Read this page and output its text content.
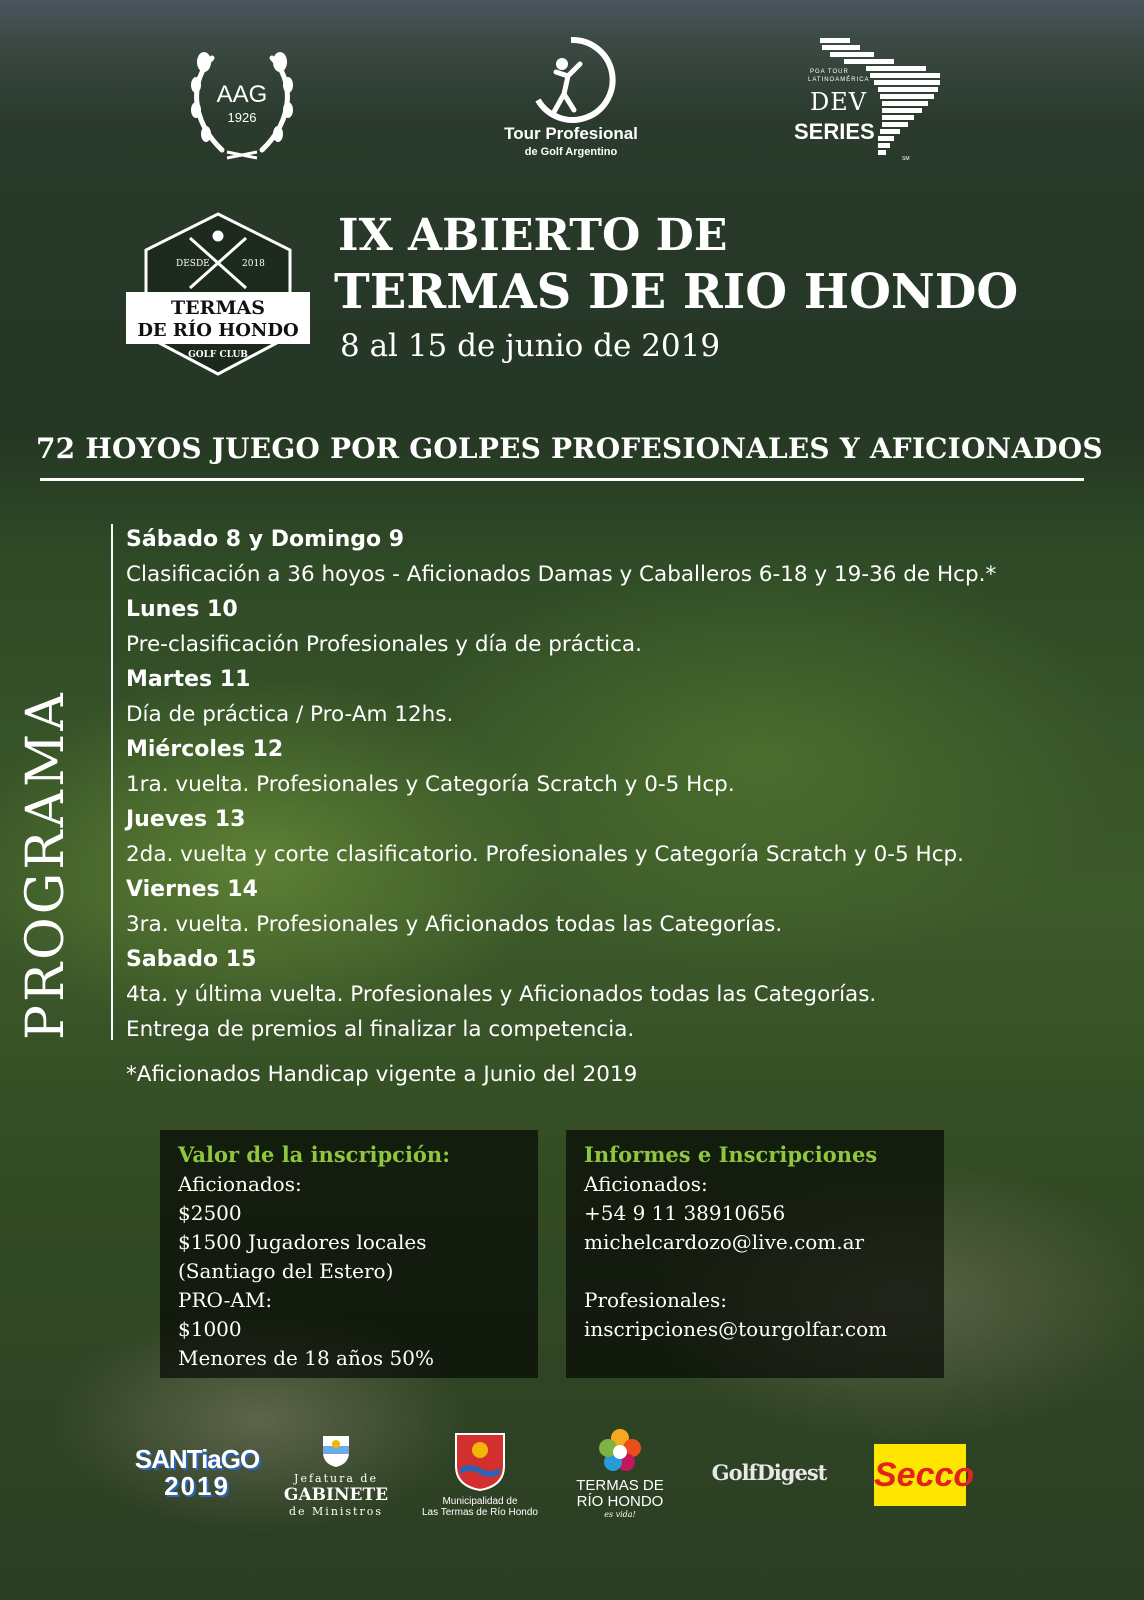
AAG
1926
Tour Profesional
de Golf Argentino
PGA TOUR
LATINOAMÉRICA
DEV
SERIES
SM
DESDE	2018
TERMAS
DE RÍO HONDO
GOLF CLUB
IX ABIERTO DE
TERMAS DE RIO HONDO
8 al 15 de junio de 2019
72 HOYOS JUEGO POR GOLPES PROFESIONALES Y AFICIONADOS
PROGRAMA
Sábado 8 y Domingo 9
Clasificación a 36 hoyos - Aficionados Damas y Caballeros 6-18 y 19-36 de Hcp.*
Lunes 10
Pre-clasificación Profesionales y día de práctica.
Martes 11
Día de práctica / Pro-Am 12hs.
Miércoles 12
1ra. vuelta. Profesionales y Categoría Scratch y 0-5 Hcp.
Jueves 13
2da. vuelta y corte clasificatorio. Profesionales y Categoría Scratch y 0-5 Hcp.
Viernes 14
3ra. vuelta. Profesionales y Aficionados todas las Categorías.
Sabado 15
4ta. y última vuelta. Profesionales y Aficionados todas las Categorías.
Entrega de premios al finalizar la competencia.
*Aficionados Handicap vigente a Junio del 2019
Valor de la inscripción:
Aficionados:
$2500
$1500 Jugadores locales
(Santiago del Estero)
PRO-AM:
$1000
Menores de 18 años 50%
Informes e Inscripciones
Aficionados:
+54 9 11 38910656
michelcardozo@live.com.ar
Profesionales:
inscripciones@tourgolfar.com
SANTiaGO
2019	Jefatura de
GABINETE
de Ministros
Municipalidad de
Las Termas de Río Hondo
TERMAS DE
RÍO HONDO
es vida!
GolfDigest Secco
